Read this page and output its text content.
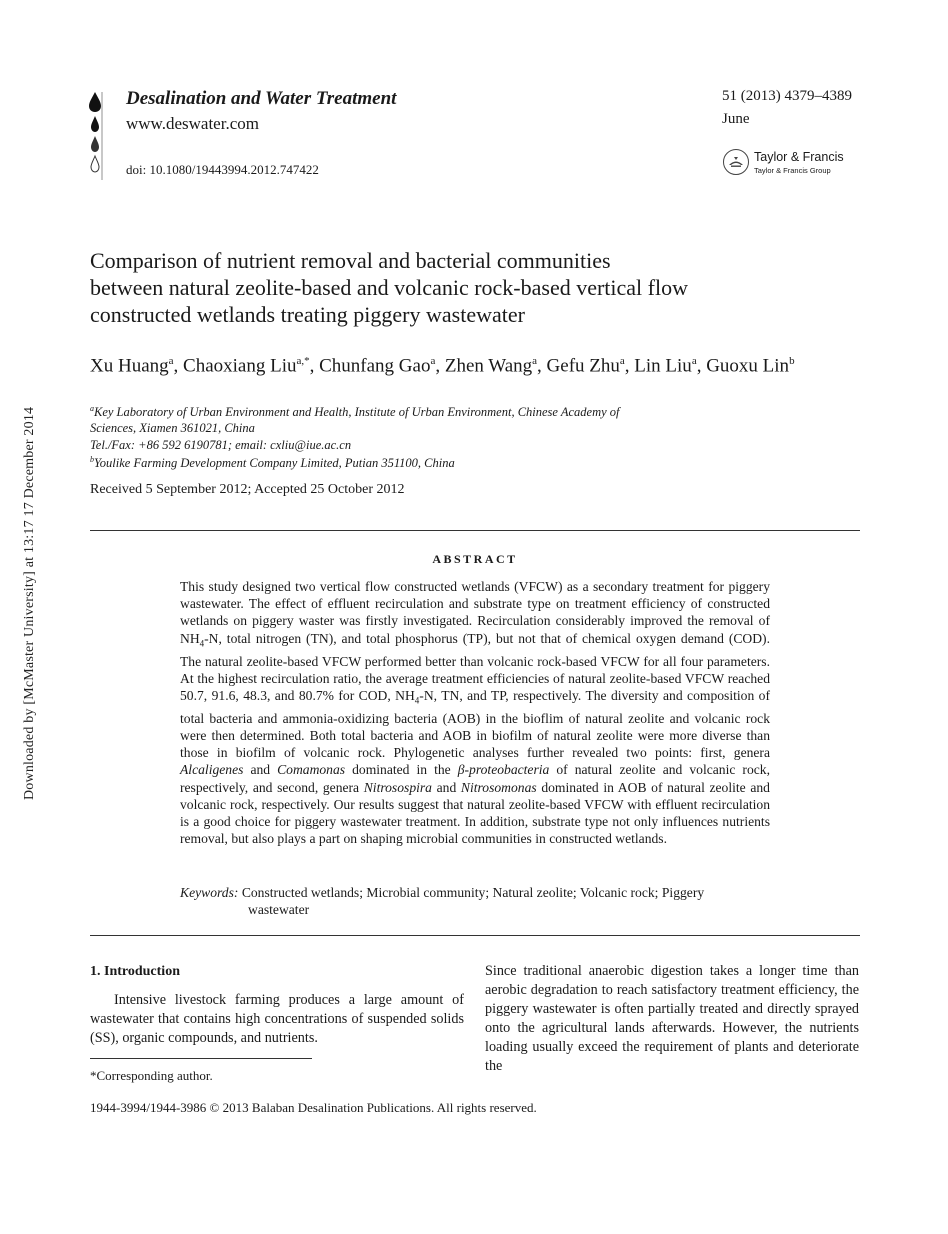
Downloaded by [McMaster University] at 13:17 17 December 2014
Desalination and Water Treatment
www.deswater.com
doi: 10.1080/19443994.2012.747422
51 (2013) 4379–4389
June
Taylor & Francis
Taylor & Francis Group
Comparison of nutrient removal and bacterial communities
between natural zeolite-based and volcanic rock-based vertical flow
constructed wetlands treating piggery wastewater
Xu Huang$^a$, Chaoxiang Liu$^{a,*}$, Chunfang Gao$^a$, Zhen Wang$^a$, Gefu Zhu$^a$, Lin Liu$^a$, Guoxu Lin$^b$
$^a$Key Laboratory of Urban Environment and Health, Institute of Urban Environment, Chinese Academy of
Sciences, Xiamen 361021, China
Tel./Fax: +86 592 6190781; email: cxliu@iue.ac.cn
$^b$Youlike Farming Development Company Limited, Putian 351100, China
Received 5 September 2012; Accepted 25 October 2012
ABSTRACT

This study designed two vertical flow constructed wetlands (VFCW) as a secondary treatment for piggery wastewater. The effect of effluent recirculation and substrate type on treatment efficiency of constructed wetlands on piggery waster was firstly investigated. Recirculation considerably improved the removal of $NH_4-N$, total nitrogen (TN), and total phosphorus (TP), but not that of chemical oxygen demand (COD). The natural zeolite-based VFCW performed better than volcanic rock-based VFCW for all four parameters. At the highest recirculation ratio, the average treatment efficiencies of natural zeolite-based VFCW reached 50.7, 91.6, 48.3, and 80.7% for COD, $NH_4-N$, TN, and TP, respectively. The diversity and composition of total bacteria and ammonia-oxidizing bacteria (AOB) in the bioflim of natural zeolite and volcanic rock were then determined. Both total bacteria and AOB in biofilm of natural zeolite were more diverse than those in biofilm of volcanic rock. Phylogenetic analyses further revealed two points: first, genera Alcaligenes and Comamonas dominated in the β-proteobacteria of natural zeolite and volcanic rock, respectively, and second, genera Nitrosospira and Nitrosomonas dominated in AOB of natural zeolite and volcanic rock, respectively. Our results suggest that natural zeolite-based VFCW with effluent recirculation is a good choice for piggery wastewater treatment. In addition, substrate type not only influences nutrients removal, but also plays a part on shaping microbial communities in constructed wetlands.

Keywords: Constructed wetlands; Microbial community; Natural zeolite; Volcanic rock; Piggery
wastewater
1. Introduction

Intensive livestock farming produces a large amount of wastewater that contains high concentrations of suspended solids (SS), organic compounds, and nutrients.

Since traditional anaerobic digestion takes a longer time than aerobic degradation to reach satisfactory treatment efficiency, the piggery wastewater is often partially treated and directly sprayed onto the agricultural lands afterwards. However, the nutrients loading usually exceed the requirement of plants and deteriorate the

*Corresponding author.
1944-3994/1944-3986 © 2013 Balaban Desalination Publications. All rights reserved.
